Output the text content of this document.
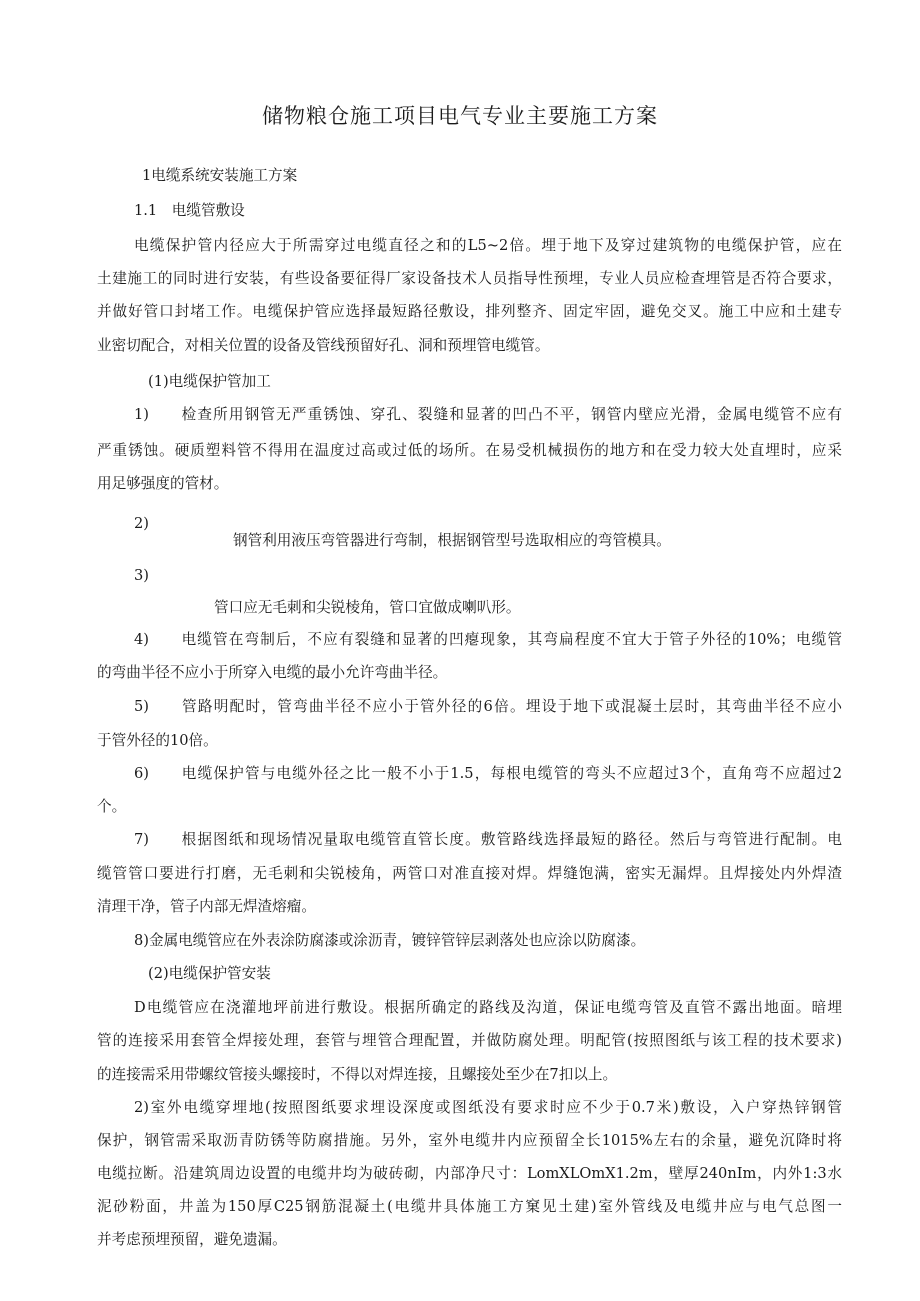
储物粮仓施工项目电气专业主要施工方案
1电缆系统安装施工方案
1.1　电缆管敷设
电缆保护管内径应大于所需穿过电缆直径之和的L5~2倍。埋于地下及穿过建筑物的电缆保护管，应在
土建施工的同时进行安装，有些设备要征得厂家设备技术人员指导性预埋，专业人员应检查埋管是否符合要求，
并做好管口封堵工作。电缆保护管应选择最短路径敷设，排列整齐、固定牢固，避免交叉。施工中应和土建专
业密切配合，对相关位置的设备及管线预留好孔、洞和预埋管电缆管。
(1)电缆保护管加工
1)　　检查所用钢管无严重锈蚀、穿孔、裂缝和显著的凹凸不平，钢管内壁应光滑，金属电缆管不应有
严重锈蚀。硬质塑料管不得用在温度过高或过低的场所。在易受机械损伤的地方和在受力较大处直埋时，应采
用足够强度的管材。
2)
钢管利用液压弯管器进行弯制，根据钢管型号选取相应的弯管模具。
3)
管口应无毛刺和尖锐棱角，管口宜做成喇叭形。
4)　　电缆管在弯制后，不应有裂缝和显著的凹瘪现象，其弯扁程度不宜大于管子外径的10%；电缆管
的弯曲半径不应小于所穿入电缆的最小允许弯曲半径。
5)　　管路明配时，管弯曲半径不应小于管外径的6倍。埋设于地下或混凝土层时，其弯曲半径不应小
于管外径的10倍。
6)　　电缆保护管与电缆外径之比一般不小于1.5，每根电缆管的弯头不应超过3个，直角弯不应超过2
个。
7)　　根据图纸和现场情况量取电缆管直管长度。敷管路线选择最短的路径。然后与弯管进行配制。电
缆管管口要进行打磨，无毛刺和尖锐棱角，两管口对准直接对焊。焊缝饱满，密实无漏焊。且焊接处内外焊渣
清理干净，管子内部无焊渣熔瘤。
8)金属电缆管应在外表涂防腐漆或涂沥青，镀锌管锌层剥落处也应涂以防腐漆。
(2)电缆保护管安装
D电缆管应在浇灌地坪前进行敷设。根据所确定的路线及沟道，保证电缆弯管及直管不露出地面。暗埋
管的连接采用套管全焊接处理，套管与埋管合理配置，并做防腐处理。明配管(按照图纸与该工程的技术要求)
的连接需采用带螺纹管接头螺接时，不得以对焊连接，且螺接处至少在7扣以上。
2)室外电缆穿埋地(按照图纸要求埋设深度或图纸没有要求时应不少于0.7米)敷设，入户穿热锌钢管
保护，钢管需采取沥青防锈等防腐措施。另外，室外电缆井内应预留全长1015%左右的余量，避免沉降时将
电缆拉断。沿建筑周边设置的电缆井均为破砖砌，内部净尺寸：LomXLOmX1.2m，壁厚240nIm，内外1:3水
泥砂粉面，井盖为150厚C25钢筋混凝土(电缆井具体施工方窠见土建)室外管线及电缆井应与电气总图一
并考虑预埋预留，避免遗漏。
